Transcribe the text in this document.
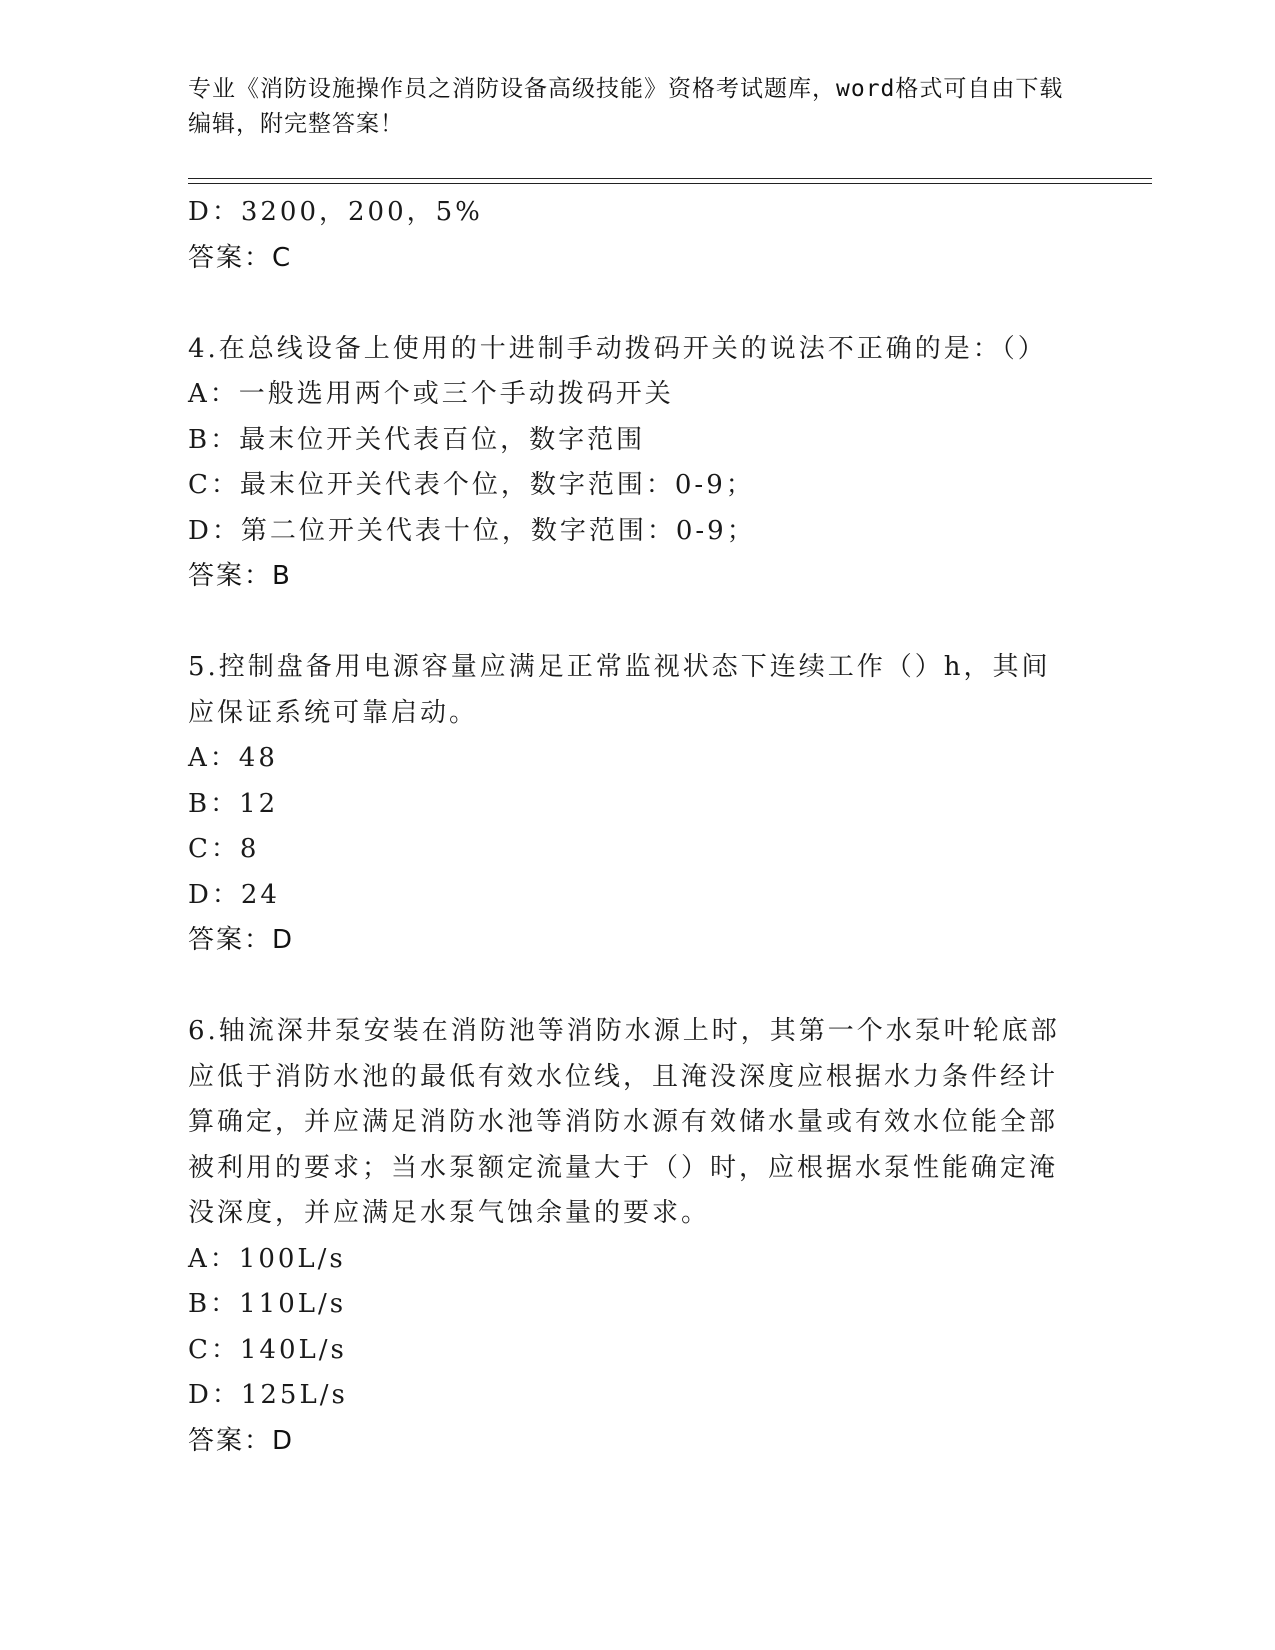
专业《消防设施操作员之消防设备高级技能》资格考试题库，word格式可自由下载编辑，附完整答案！
D：3200，200，5%
答案：C
4.在总线设备上使用的十进制手动拨码开关的说法不正确的是：（）
A：一般选用两个或三个手动拨码开关
B：最末位开关代表百位，数字范围
C：最末位开关代表个位，数字范围：0-9；
D：第二位开关代表十位，数字范围：0-9；
答案：B
5.控制盘备用电源容量应满足正常监视状态下连续工作（）h，其间应保证系统可靠启动。
A：48
B：12
C：8
D：24
答案：D
6.轴流深井泵安装在消防池等消防水源上时，其第一个水泵叶轮底部应低于消防水池的最低有效水位线，且淹没深度应根据水力条件经计算确定，并应满足消防水池等消防水源有效储水量或有效水位能全部被利用的要求；当水泵额定流量大于（）时，应根据水泵性能确定淹没深度，并应满足水泵气蚀余量的要求。
A：100L/s
B：110L/s
C：140L/s
D：125L/s
答案：D
